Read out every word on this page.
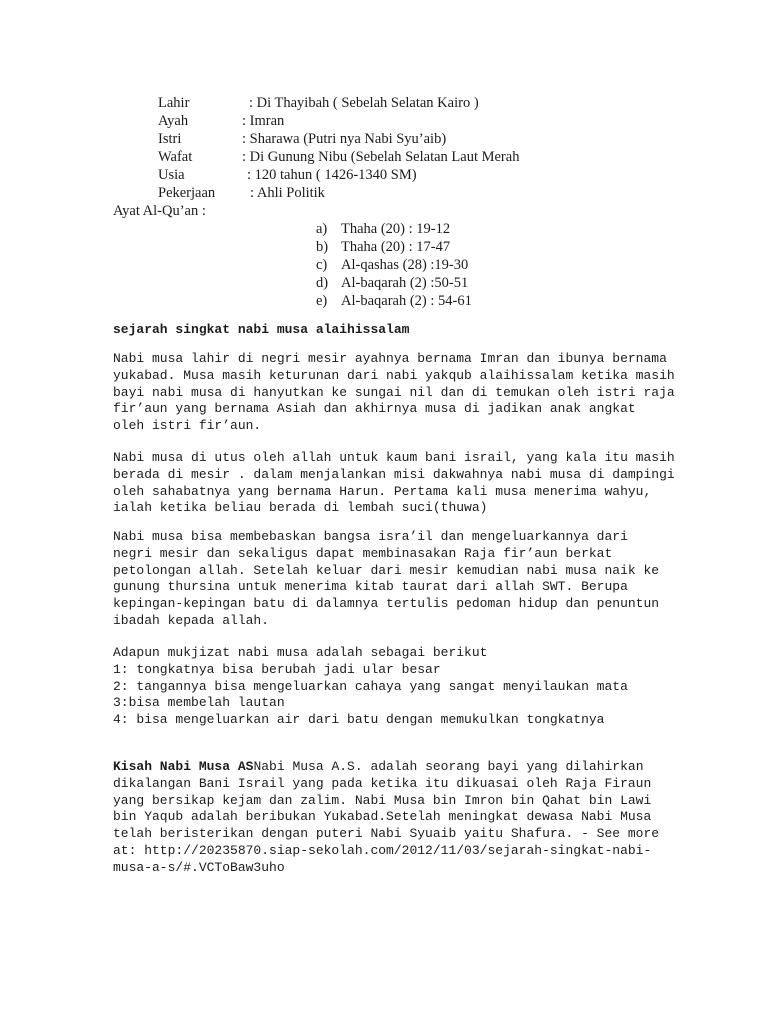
Lahir	: Di Thayibah ( Sebelah Selatan Kairo )
Ayah	: Imran
Istri	: Sharawa (Putri nya Nabi Syu’aib)
Wafat	: Di Gunung Nibu (Sebelah Selatan Laut Merah
Usia	: 120 tahun ( 1426-1340 SM)
Pekerjaan : Ahli Politik
Ayat Al-Qu’an :
a) Thaha (20) : 19-12
b) Thaha (20) : 17-47
c) Al-qashas (28) :19-30
d) Al-baqarah (2) :50-51
e) Al-baqarah (2) : 54-61
sejarah singkat nabi musa alaihissalam
Nabi musa lahir di negri mesir ayahnya bernama Imran dan ibunya bernama
yukabad. Musa masih keturunan dari nabi yakqub alaihissalam ketika masih
bayi nabi musa di hanyutkan ke sungai nil dan di temukan oleh istri raja
fir’aun yang bernama Asiah dan akhirnya musa di jadikan anak angkat
oleh istri fir’aun.
Nabi musa di utus oleh allah untuk kaum bani israil, yang kala itu masih
berada di mesir . dalam menjalankan misi dakwahnya nabi musa di dampingi
oleh sahabatnya yang bernama Harun. Pertama kali musa menerima wahyu,
ialah ketika beliau berada di lembah suci(thuwa)
Nabi musa bisa membebaskan bangsa isra’il dan mengeluarkannya dari
negri mesir dan sekaligus dapat membinasakan Raja fir’aun berkat
petolongan allah. Setelah keluar dari mesir kemudian nabi musa naik ke
gunung thursina untuk menerima kitab taurat dari allah SWT. Berupa
kepingan-kepingan batu di dalamnya tertulis pedoman hidup dan penuntun
ibadah kepada allah.
Adapun mukjizat nabi musa adalah sebagai berikut
1: tongkatnya bisa berubah jadi ular besar
2: tangannya bisa mengeluarkan cahaya yang sangat menyilaukan mata
3:bisa membelah lautan
4: bisa mengeluarkan air dari batu dengan memukulkan tongkatnya
Kisah Nabi Musa ASNabi Musa A.S. adalah seorang bayi yang dilahirkan
dikalangan Bani Israil yang pada ketika itu dikuasai oleh Raja Firaun
yang bersikap kejam dan zalim. Nabi Musa bin Imron bin Qahat bin Lawi
bin Yaqub adalah beribukan Yukabad.Setelah meningkat dewasa Nabi Musa
telah beristerikan dengan puteri Nabi Syuaib yaitu Shafura. - See more
at: http://20235870.siap-sekolah.com/2012/11/03/sejarah-singkat-nabi-
musa-a-s/#.VCToBaw3uho
